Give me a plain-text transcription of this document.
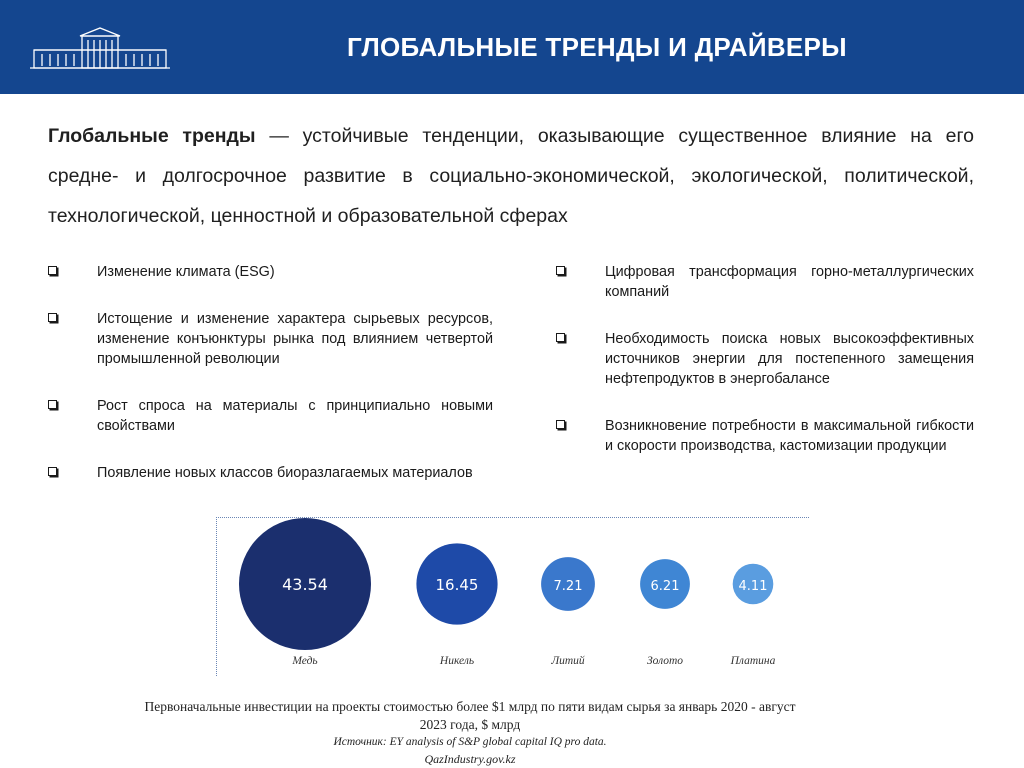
ГЛОБАЛЬНЫЕ ТРЕНДЫ И ДРАЙВЕРЫ
Глобальные тренды — устойчивые тенденции, оказывающие существенное влияние на его средне- и долгосрочное развитие в социально-экономической, экологической, политической, технологической, ценностной и образовательной сферах
Изменение климата (ESG)
Истощение и изменение характера сырьевых ресурсов, изменение конъюнктуры рынка под влиянием четвертой промышленной революции
Рост спроса на материалы с принципиально новыми свойствами
Появление новых классов биоразлагаемых материалов
Цифровая трансформация горно-металлургических компаний
Необходимость поиска новых высокоэффективных источников энергии для постепенного замещения нефтепродуктов в энергобалансе
Возникновение потребности в максимальной гибкости и скорости производства, кастомизации продукции
43.54
Медь
16.45
Никель
7.21
Литий
6.21
Золото
4.11
Платина
Первоначальные инвестиции на проекты стоимостью более $1 млрд по пяти видам сырья за январь 2020 - август 2023 года, $ млрд
Источник: EY analysis of S&P global capital IQ pro data.
QazIndustry.gov.kz
